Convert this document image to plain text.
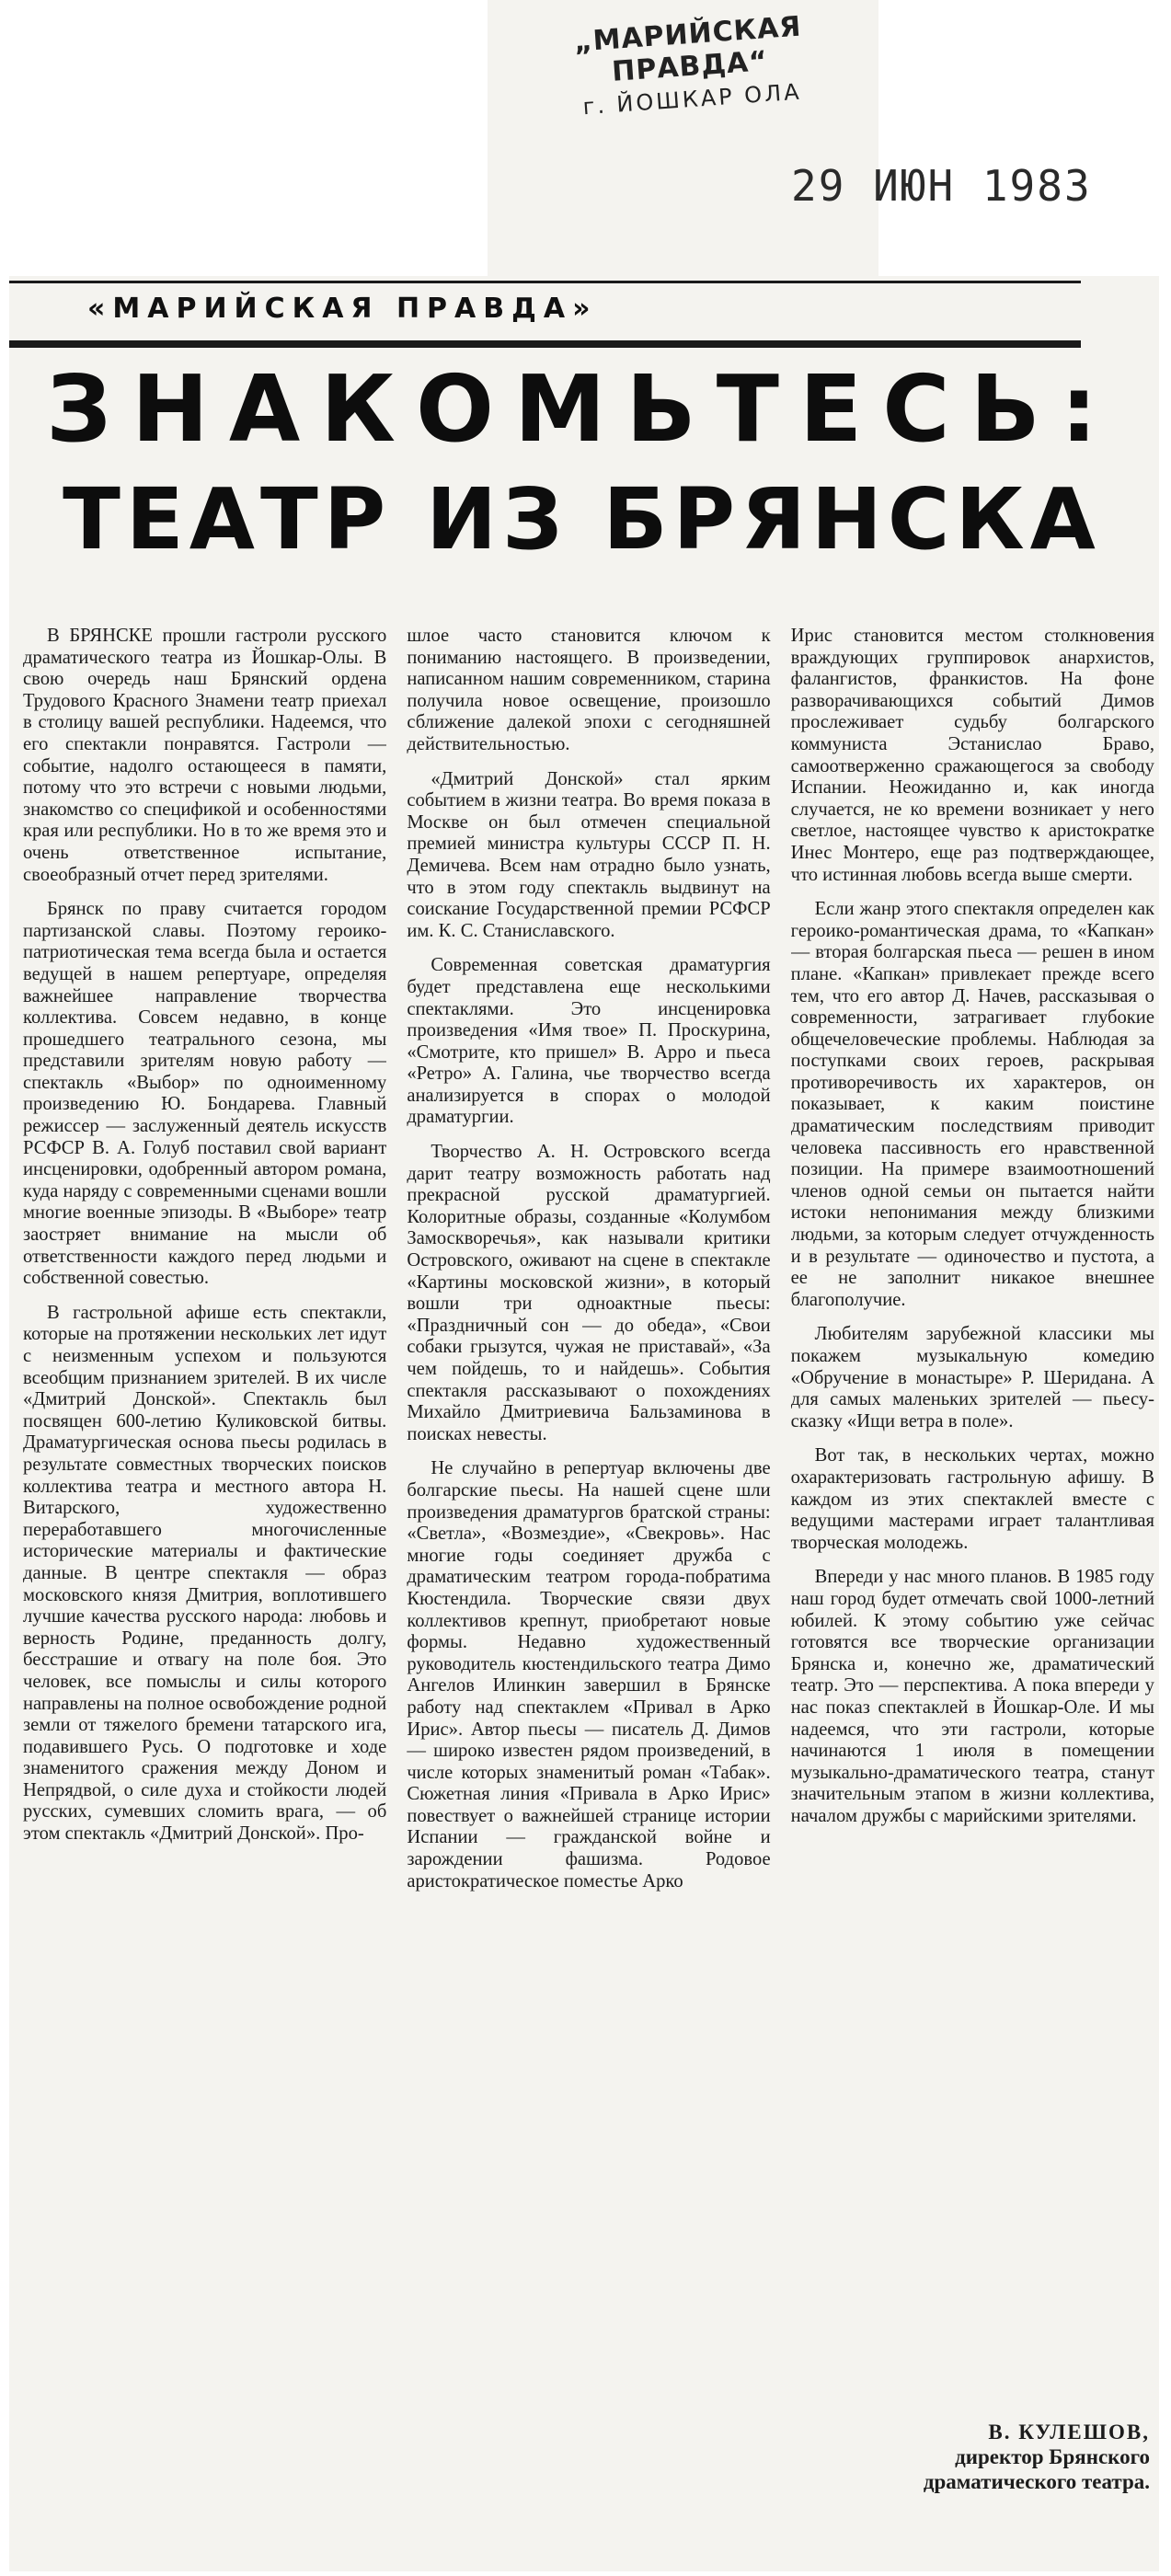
„МАРИЙСКАЯ ПРАВДА“
г. ЙОШКАР ОЛА
29 ИЮН 1983
«МАРИЙСКАЯ ПРАВДА»
ЗНАКОМЬТЕСЬ:
ТЕАТР ИЗ БРЯНСКА

В БРЯНСКЕ прошли гастроли русского драматического театра из Йошкар-Олы. В свою очередь наш Брянский ордена Трудового Красного Знамени театр приехал в столицу вашей республики. Надеемся, что его спектакли понравятся. Гастроли — событие, надолго остающееся в памяти, потому что это встречи с новыми людьми, знакомство со спецификой и особенностями края или республики. Но в то же время это и очень ответственное испытание, своеобразный отчет перед зрителями.

Брянск по праву считается городом партизанской славы. Поэтому героико-патриотическая тема всегда была и остается ведущей в нашем репертуаре, определяя важнейшее направление творчества коллектива. Совсем недавно, в конце прошедшего театрального сезона, мы представили зрителям новую работу — спектакль «Выбор» по одноименному произведению Ю. Бондарева. Главный режиссер — заслуженный деятель искусств РСФСР В. А. Голуб поставил свой вариант инсценировки, одобренный автором романа, куда наряду с современными сценами вошли многие военные эпизоды. В «Выборе» театр заостряет внимание на мысли об ответственности каждого перед людьми и собственной совестью.

В гастрольной афише есть спектакли, которые на протяжении нескольких лет идут с неизменным успехом и пользуются всеобщим признанием зрителей. В их числе «Дмитрий Донской». Спектакль был посвящен 600-летию Куликовской битвы. Драматургическая основа пьесы родилась в результате совместных творческих поисков коллектива театра и местного автора Н. Витарского, художественно переработавшего многочисленные исторические материалы и фактические данные. В центре спектакля — образ московского князя Дмитрия, воплотившего лучшие качества русского народа: любовь и верность Родине, преданность долгу, бесстрашие и отвагу на поле боя. Это человек, все помыслы и силы которого направлены на полное освобождение родной земли от тяжелого бремени татарского ига, подавившего Русь. О подготовке и ходе знаменитого сражения между Доном и Непрядвой, о силе духа и стойкости людей русских, сумевших сломить врага, — об этом спектакль «Дмитрий Донской». Про-

шлое часто становится ключом к пониманию настоящего. В произведении, написанном нашим современником, старина получила новое освещение, произошло сближение далекой эпохи с сегодняшней действительностью.

«Дмитрий Донской» стал ярким событием в жизни театра. Во время показа в Москве он был отмечен специальной премией министра культуры СССР П. Н. Демичева. Всем нам отрадно было узнать, что в этом году спектакль выдвинут на соискание Государственной премии РСФСР им. К. С. Станиславского.

Современная советская драматургия будет представлена еще несколькими спектаклями. Это инсценировка произведения «Имя твое» П. Проскурина, «Смотрите, кто пришел» В. Арро и пьеса «Ретро» А. Галина, чье творчество всегда анализируется в спорах о молодой драматургии.

Творчество А. Н. Островского всегда дарит театру возможность работать над прекрасной русской драматургией. Колоритные образы, созданные «Колумбом Замоскворечья», как называли критики Островского, оживают на сцене в спектакле «Картины московской жизни», в который вошли три одноактные пьесы: «Праздничный сон — до обеда», «Свои собаки грызутся, чужая не приставай», «За чем пойдешь, то и найдешь». События спектакля рассказывают о похождениях Михайло Дмитриевича Бальзаминова в поисках невесты.

Не случайно в репертуар включены две болгарские пьесы. На нашей сцене шли произведения драматургов братской страны: «Светла», «Возмездие», «Свекровь». Нас многие годы соединяет дружба с драматическим театром города-побратима Кюстендила. Творческие связи двух коллективов крепнут, приобретают новые формы. Недавно художественный руководитель кюстендильского театра Димо Ангелов Илинкин завершил в Брянске работу над спектаклем «Привал в Арко Ирис». Автор пьесы — писатель Д. Димов — широко известен рядом произведений, в числе которых знаменитый роман «Табак». Сюжетная линия «Привала в Арко Ирис» повествует о важнейшей странице истории Испании — гражданской войне и зарождении фашизма. Родовое аристократическое поместье Арко

Ирис становится местом столкновения враждующих группировок анархистов, фалангистов, франкистов. На фоне разворачивающихся событий Димов прослеживает судьбу болгарского коммуниста Эстанислао Браво, самоотверженно сражающегося за свободу Испании. Неожиданно и, как иногда случается, не ко времени возникает у него светлое, настоящее чувство к аристократке Инес Монтеро, еще раз подтверждающее, что истинная любовь всегда выше смерти.

Если жанр этого спектакля определен как героико-романтическая драма, то «Капкан» — вторая болгарская пьеса — решен в ином плане. «Капкан» привлекает прежде всего тем, что его автор Д. Начев, рассказывая о современности, затрагивает глубокие общечеловеческие проблемы. Наблюдая за поступками своих героев, раскрывая противоречивость их характеров, он показывает, к каким поистине драматическим последствиям приводит человека пассивность его нравственной позиции. На примере взаимоотношений членов одной семьи он пытается найти истоки непонимания между близкими людьми, за которым следует отчужденность и в результате — одиночество и пустота, а ее не заполнит никакое внешнее благополучие.

Любителям зарубежной классики мы покажем музыкальную комедию «Обручение в монастыре» Р. Шеридана. А для самых маленьких зрителей — пьесу-сказку «Ищи ветра в поле».

Вот так, в нескольких чертах, можно охарактеризовать гастрольную афишу. В каждом из этих спектаклей вместе с ведущими мастерами играет талантливая творческая молодежь.

Впереди у нас много планов. В 1985 году наш город будет отмечать свой 1000-летний юбилей. К этому событию уже сейчас готовятся все творческие организации Брянска и, конечно же, драматический театр. Это — перспектива. А пока впереди у нас показ спектаклей в Йошкар-Оле. И мы надеемся, что эти гастроли, которые начинаются 1 июля в помещении музыкально-драматического театра, станут значительным этапом в жизни коллектива, началом дружбы с марийскими зрителями.

В. КУЛЕШОВ,
директор Брянского
драматического театра.
